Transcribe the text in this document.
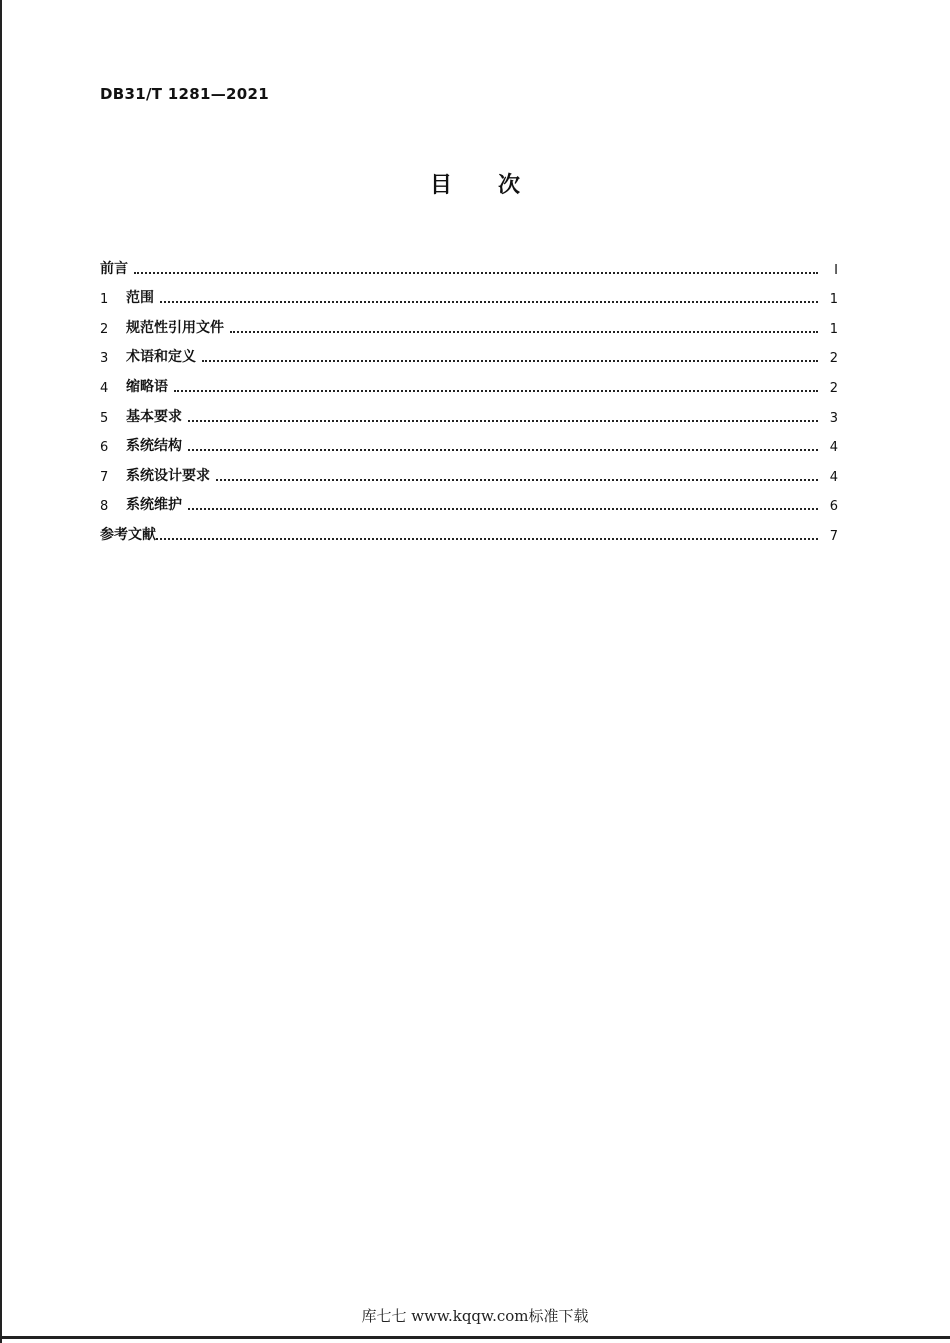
DB31/T 1281—2021
目 次
前言	I
1	范围	1
2	规范性引用文件	1
3	术语和定义	2
4	缩略语	2
5	基本要求	3
6	系统结构	4
7	系统设计要求	4
8	系统维护	6
参考文献	7
库七七 www.kqqw.com标准下载
